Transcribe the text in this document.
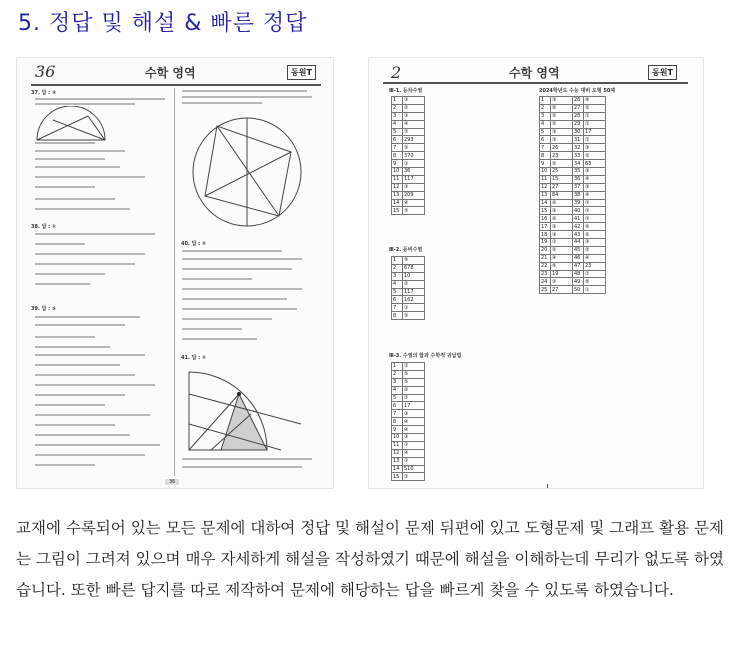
5. 정답 및 해설 & 빠른 정답
36	수학 영역	동원T
37. 답 : ③
38. 답 : ①
39. 답 : ⑤
40. 답 : ①
41. 답 : ①
36
2	수학 영역	동원T
Ⅲ-1. 등차수열
1	③
2	②
3	③
4	④
5	⑦
6	293
7	⑤
8	370
9	①
10	36
11	117
12	③
13	209
14	④
15	⑤
Ⅲ-2. 등비수열
1	⑤
2	678
3	10
4	②
5	117
6	162
7	①
8	⑤
Ⅲ-3. 수열의 합과 수학적 귀납법
1	①
2	⑤
3	⑤
4	②
5	①
6	17
7	③
8	④
9	④
10	③
11	①
12	④
13	①
14	510
15	①
2024학년도 수능 대비 도형 50제
1	③	26	④
2	⑤	27	②
3	②	28	①
4	②	29	①
5	③	30	17
6	③	31	①
7	26	32	③
8	23	33	②
9	②	34	63
10	25	35	③
11	15	36	④
12	27	37	③
13	84	38	④
14	②	39	①
15	③	40	①
16	②	41	①
17	③	42	⑤
18	③	43	②
19	①	44	③
20	②	45	②
21	④	46	④
22	⑤	47	23
23	19	48	①
24	②	49	⑤
25	27	50	①

교재에 수록되어 있는 모든 문제에 대하여 정답 및 해설이 문제 뒤편에 있고 도형문제 및 그래프 활용 문제는 그림이 그려져 있으며 매우 자세하게 해설을 작성하였기 때문에 해설을 이해하는데 무리가 없도록 하였습니다. 또한 빠른 답지를 따로 제작하여 문제에 해당하는 답을 빠르게 찾을 수 있도록 하였습니다.
